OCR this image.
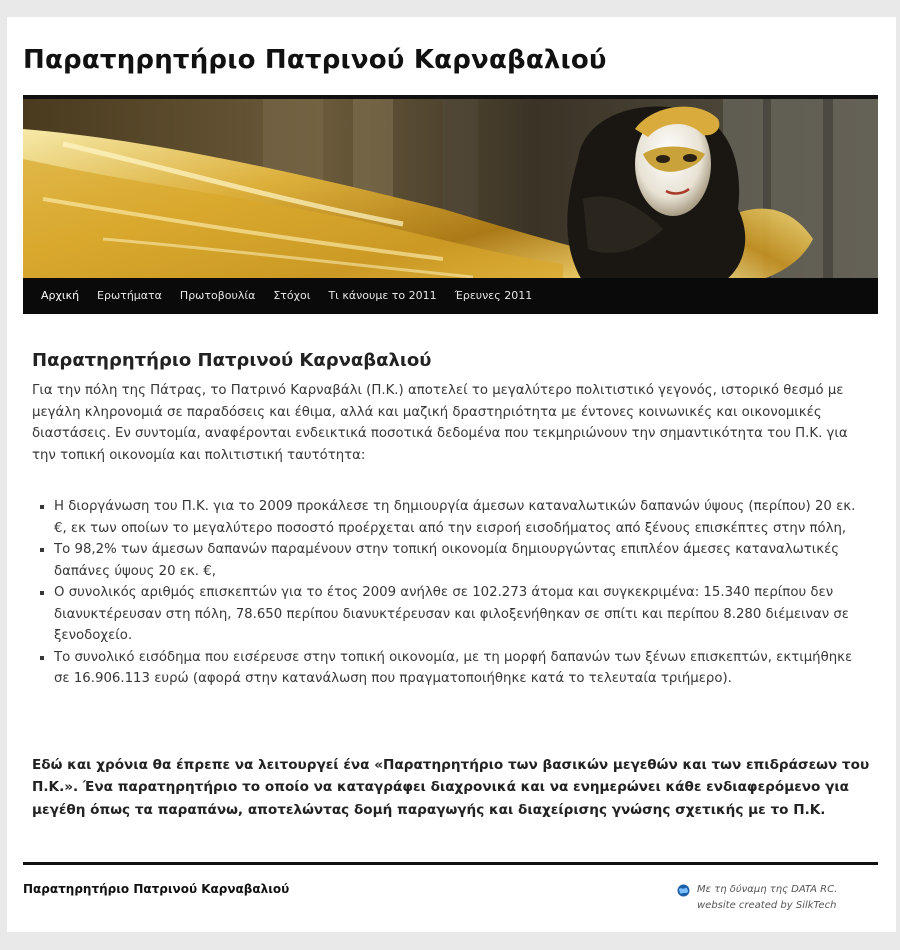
Παρατηρητήριο Πατρινού Καρναβαλιού
Αρχική	Ερωτήματα	Πρωτοβουλία	Στόχοι	Τι κάνουμε το 2011	Έρευνες 2011
Παρατηρητήριο Πατρινού Καρναβαλιού

Για την πόλη της Πάτρας, το Πατρινό Καρναβάλι (Π.Κ.) αποτελεί το μεγαλύτερο πολιτιστικό γεγονός, ιστορικό θεσμό με μεγάλη κληρονομιά σε παραδόσεις και έθιμα, αλλά και μαζική δραστηριότητα με έντονες κοινωνικές και οικονομικές διαστάσεις. Εν συντομία, αναφέρονται ενδεικτικά ποσοτικά δεδομένα που τεκμηριώνουν την σημαντικότητα του Π.Κ. για την τοπική οικονομία και πολιτιστική ταυτότητα:

▪ Η διοργάνωση του Π.Κ. για το 2009 προκάλεσε τη δημιουργία άμεσων καταναλωτικών δαπανών ύψους (περίπου) 20 εκ. €, εκ των οποίων το μεγαλύτερο ποσοστό προέρχεται από την εισροή εισοδήματος από ξένους επισκέπτες στην πόλη,
▪ Το 98,2% των άμεσων δαπανών παραμένουν στην τοπική οικονομία δημιουργώντας επιπλέον άμεσες καταναλωτικές δαπάνες ύψους 20 εκ. €,
▪ Ο συνολικός αριθμός επισκεπτών για το έτος 2009 ανήλθε σε 102.273 άτομα και συγκεκριμένα: 15.340 περίπου δεν διανυκτέρευσαν στη πόλη, 78.650 περίπου διανυκτέρευσαν και φιλοξενήθηκαν σε σπίτι και περίπου 8.280 διέμειναν σε ξενοδοχείο.
▪ Το συνολικό εισόδημα που εισέρευσε στην τοπική οικονομία, με τη μορφή δαπανών των ξένων επισκεπτών, εκτιμήθηκε σε 16.906.113 ευρώ (αφορά στην κατανάλωση που πραγματοποιήθηκε κατά το τελευταία τριήμερο).

Εδώ και χρόνια θα έπρεπε να λειτουργεί ένα «Παρατηρητήριο των βασικών μεγεθών και των επιδράσεων του Π.Κ.». Ένα παρατηρητήριο το οποίο να καταγράφει διαχρονικά και να ενημερώνει κάθε ενδιαφερόμενο για μεγέθη όπως τα παραπάνω, αποτελώντας δομή παραγωγής και διαχείρισης γνώσης σχετικής με το Π.Κ.

Παρατηρητήριο Πατρινού Καρναβαλιού	Με τη δύναμη της DATA RC.
website created by SilkTech
